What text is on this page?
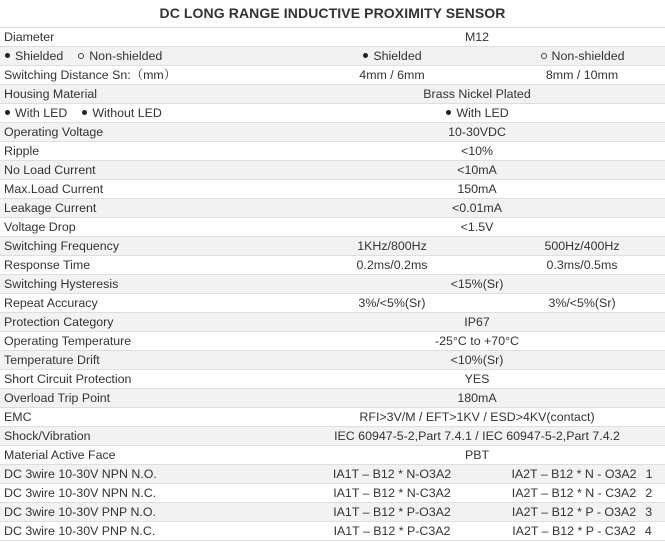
DC LONG RANGE INDUCTIVE PROXIMITY SENSOR
Diameter	M12	
Shielded Non-shielded	Shielded	Non-shielded
Switching Distance Sn:（mm）	4mm / 6mm	8mm / 10mm
Housing Material	Brass Nickel Plated	
With LED Without LED	With LED	
Operating Voltage	10-30VDC	
Ripple	<10%	
No Load Current	<10mA	
Max.Load Current	150mA	
Leakage Current	<0.01mA	
Voltage Drop	<1.5V	
Switching Frequency	1KHz/800Hz	500Hz/400Hz
Response Time	0.2ms/0.2ms	0.3ms/0.5ms
Switching Hysteresis	<15%(Sr)	
Repeat Accuracy	3%/<5%(Sr)	3%/<5%(Sr)
Protection Category	IP67	
Operating Temperature	-25°C to +70°C	
Temperature Drift	<10%(Sr)	
Short Circuit Protection	YES	
Overload Trip Point	180mA	
EMC	RFI>3V/M / EFT>1KV / ESD>4KV(contact)	
Shock/Vibration	IEC 60947-5-2,Part 7.4.1 / IEC 60947-5-2,Part 7.4.2	
Material Active Face	PBT	
DC 3wire 10-30V NPN N.O.	IA1T – B12 * N-O3A2	IA2T – B12 * N - O3A2 1
DC 3wire 10-30V NPN N.C.	IA1T – B12 * N-C3A2	IA2T – B12 * N - C3A2 2
DC 3wire 10-30V PNP N.O.	IA1T – B12 * P-O3A2	IA2T – B12 * P - O3A2 3
DC 3wire 10-30V PNP N.C.	IA1T – B12 * P-C3A2	IA2T – B12 * P - C3A2 4
